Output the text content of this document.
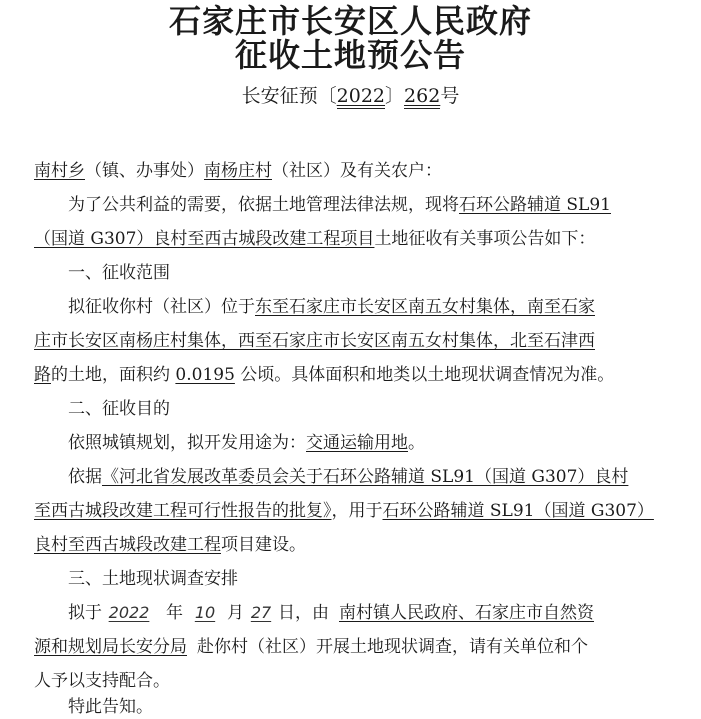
石家庄市长安区人民政府
征收土地预公告
长安征预〔2022〕262号
南村乡（镇、办事处）南杨庄村（社区）及有关农户：
为了公共利益的需要，依据土地管理法律法规，现将石环公路辅道 SL91
（国道 G307）良村至西古城段改建工程项目土地征收有关事项公告如下：
一、征收范围
拟征收你村（社区）位于东至石家庄市长安区南五女村集体，南至石家
庄市长安区南杨庄村集体，西至石家庄市长安区南五女村集体，北至石津西
路的土地，面积约 0.0195 公顷。具体面积和地类以土地现状调查情况为准。
二、征收目的
依照城镇规划，拟开发用途为：交通运输用地。
依据《河北省发展改革委员会关于石环公路辅道 SL91（国道 G307）良村
至西古城段改建工程可行性报告的批复》，用于石环公路辅道 SL91（国道 G307）
良村至西古城段改建工程项目建设。
三、土地现状调查安排
拟于 2022 年 10 月 27 日，由 南村镇人民政府、石家庄市自然资
源和规划局长安分局 赴你村（社区）开展土地现状调查，请有关单位和个
人予以支持配合。
特此告知。
